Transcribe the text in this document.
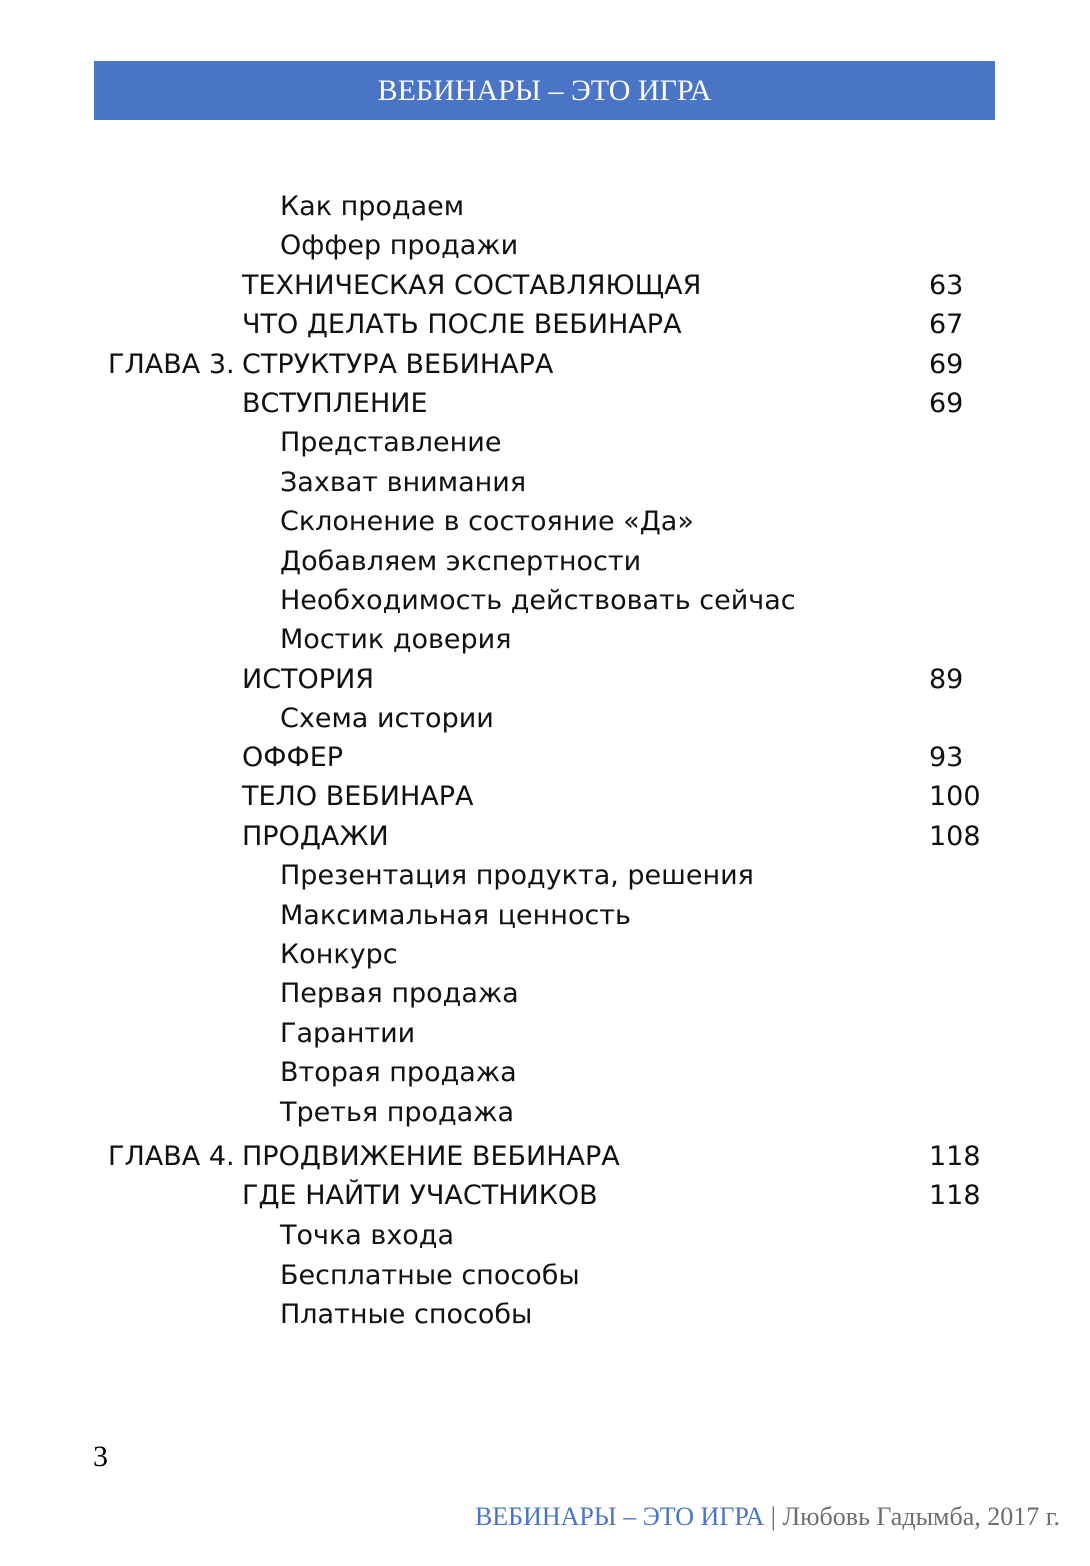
ВЕБИНАРЫ – ЭТО ИГРА
Как продаем
Оффер продажи
ТЕХНИЧЕСКАЯ СОСТАВЛЯЮЩАЯ	63
ЧТО ДЕЛАТЬ ПОСЛЕ ВЕБИНАРА	67
ГЛАВА 3. СТРУКТУРА ВЕБИНАРА	69
ВСТУПЛЕНИЕ	69
Представление
Захват внимания
Склонение в состояние «Да»
Добавляем экспертности
Необходимость действовать сейчас
Мостик доверия
ИСТОРИЯ	89
Схема истории
ОФФЕР	93
ТЕЛО ВЕБИНАРА	100
ПРОДАЖИ	108
Презентация продукта, решения
Максимальная ценность
Конкурс
Первая продажа
Гарантии
Вторая продажа
Третья продажа
ГЛАВА 4. ПРОДВИЖЕНИЕ ВЕБИНАРА	118
ГДЕ НАЙТИ УЧАСТНИКОВ	118
Точка входа
Бесплатные способы
Платные способы
3
ВЕБИНАРЫ – ЭТО ИГРА | Любовь Гадымба, 2017 г.
